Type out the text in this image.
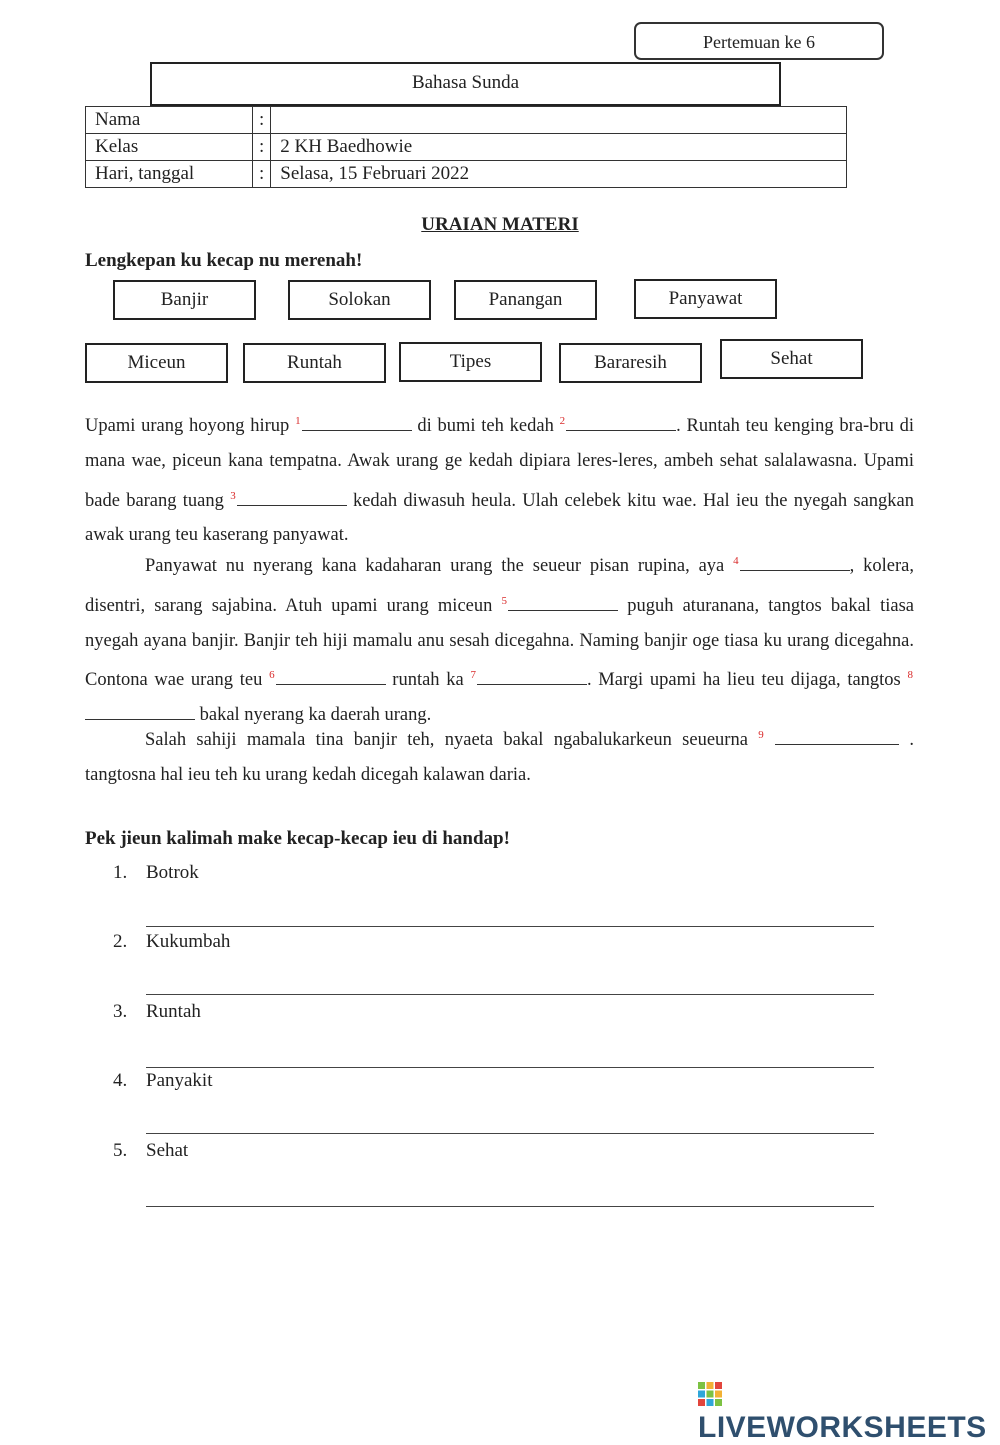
Pertemuan ke 6
Bahasa Sunda
Nama	:	
Kelas	:	2 KH Baedhowie
Hari, tanggal	:	Selasa, 15 Februari 2022
URAIAN MATERI
Lengkepan ku kecap nu merenah!
Banjir	Solokan	Panangan	Panyawat
Miceun	Runtah	Tipes	Bararesih	Sehat

Upami urang hoyong hirup $^1$	di bumi teh kedah $^2$	. Runtah teu kenging bra-bru di mana wae, piceun kana tempatna. Awak urang ge kedah dipiara leres-leres, ambeh sehat salalawasna. Upami bade barang tuang $^3$	kedah diwasuh heula. Ulah celebek kitu wae. Hal ieu the nyegah sangkan awak urang teu kaserang panyawat.

Panyawat nu nyerang kana kadaharan urang the seueur pisan rupina, aya $^4$	, kolera, disentri, sarang sajabina. Atuh upami urang miceun $^5$	puguh aturanana, tangtos bakal tiasa nyegah ayana banjir. Banjir teh hiji mamalu anu sesah dicegahna. Naming banjir oge tiasa ku urang dicegahna. Contona wae urang teu $^6$	runtah ka $^7$	. Margi upami ha lieu teu dijaga, tangtos $^8$ bakal nyerang ka daerah urang.

Salah sahiji mamala tina banjir teh, nyaeta bakal ngabalukarkeun seueurna $^9$	. tangtosna hal ieu teh ku urang kedah dicegah kalawan daria.

Pek jieun kalimah make kecap-kecap ieu di handap!
1. Botrok
2. Kukumbah
3. Runtah
4. Panyakit
5. Sehat
LIVEWORKSHEETS
